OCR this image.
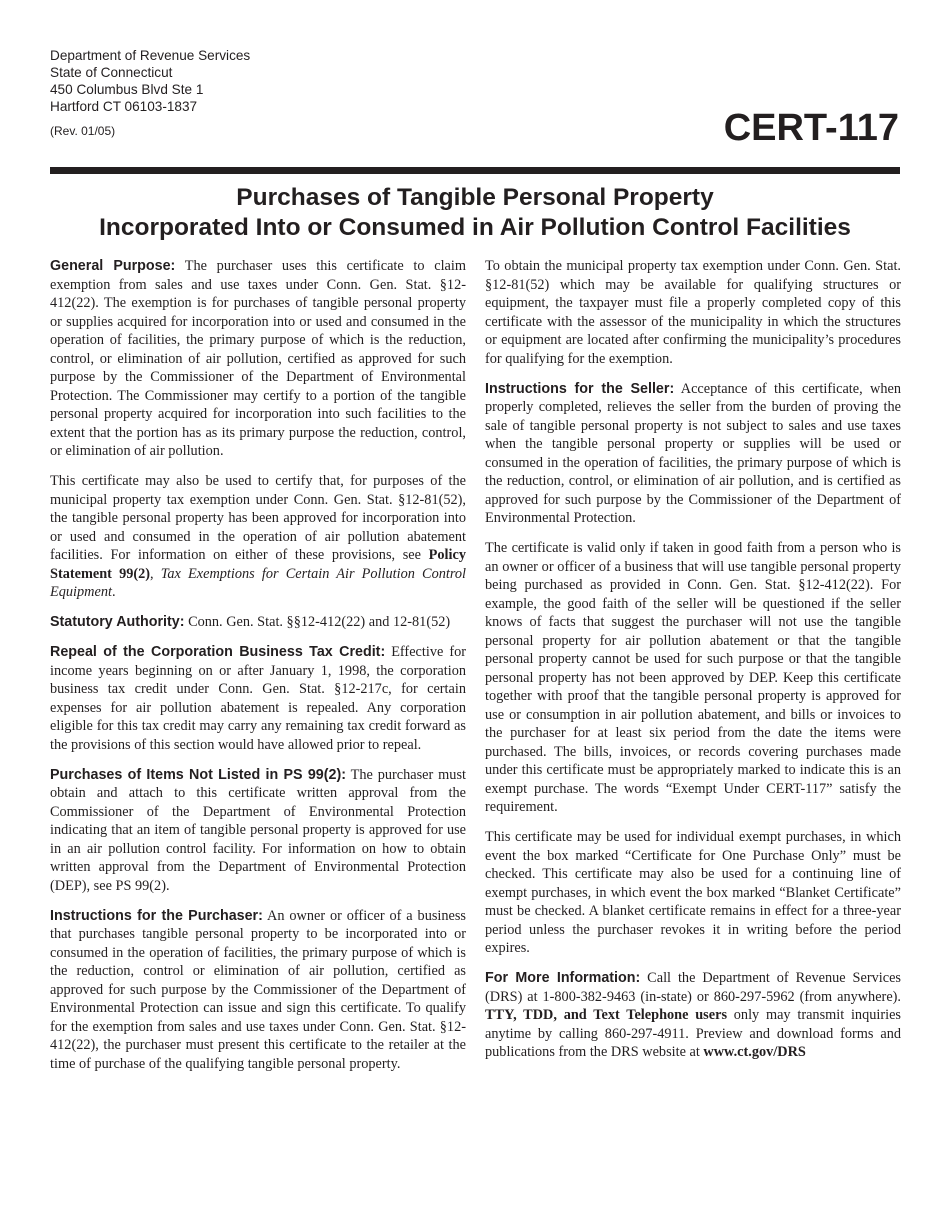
Department of Revenue Services
State of Connecticut
450 Columbus Blvd Ste 1
Hartford CT 06103-1837
(Rev. 01/05)	CERT-117
Purchases of Tangible Personal Property
Incorporated Into or Consumed in Air Pollution Control Facilities

General Purpose: The purchaser uses this certificate to claim exemption from sales and use taxes under Conn. Gen. Stat. §12-412(22). The exemption is for purchases of tangible personal property or supplies acquired for incorporation into or used and consumed in the operation of facilities, the primary purpose of which is the reduction, control, or elimination of air pollution, certified as approved for such purpose by the Commissioner of the Department of Environmental Protection. The Commissioner may certify to a portion of the tangible personal property acquired for incorporation into such facilities to the extent that the portion has as its primary purpose the reduction, control, or elimination of air pollution.

This certificate may also be used to certify that, for purposes of the municipal property tax exemption under Conn. Gen. Stat. §12-81(52), the tangible personal property has been approved for incorporation into or used and consumed in the operation of air pollution abatement facilities. For information on either of these provisions, see Policy Statement 99(2), Tax Exemptions for Certain Air Pollution Control Equipment.

Statutory Authority: Conn. Gen. Stat. §§12-412(22) and 12-81(52)

Repeal of the Corporation Business Tax Credit: Effective for income years beginning on or after January 1, 1998, the corporation business tax credit under Conn. Gen. Stat. §12-217c, for certain expenses for air pollution abatement is repealed. Any corporation eligible for this tax credit may carry any remaining tax credit forward as the provisions of this section would have allowed prior to repeal.

Purchases of Items Not Listed in PS 99(2): The purchaser must obtain and attach to this certificate written approval from the Commissioner of the Department of Environmental Protection indicating that an item of tangible personal property is approved for use in an air pollution control facility. For information on how to obtain written approval from the Department of Environmental Protection (DEP), see PS 99(2).

Instructions for the Purchaser: An owner or officer of a business that purchases tangible personal property to be incorporated into or consumed in the operation of facilities, the primary purpose of which is the reduction, control or elimination of air pollution, certified as approved for such purpose by the Commissioner of the Department of Environmental Protection can issue and sign this certificate. To qualify for the exemption from sales and use taxes under Conn. Gen. Stat. §12-412(22), the purchaser must present this certificate to the retailer at the time of purchase of the qualifying tangible personal property.

To obtain the municipal property tax exemption under Conn. Gen. Stat. §12-81(52) which may be available for qualifying structures or equipment, the taxpayer must file a properly completed copy of this certificate with the assessor of the municipality in which the structures or equipment are located after confirming the municipality’s procedures for qualifying for the exemption.

Instructions for the Seller: Acceptance of this certificate, when properly completed, relieves the seller from the burden of proving the sale of tangible personal property is not subject to sales and use taxes when the tangible personal property or supplies will be used or consumed in the operation of facilities, the primary purpose of which is the reduction, control, or elimination of air pollution, and is certified as approved for such purpose by the Commissioner of the Department of Environmental Protection.

The certificate is valid only if taken in good faith from a person who is an owner or officer of a business that will use tangible personal property being purchased as provided in Conn. Gen. Stat. §12-412(22). For example, the good faith of the seller will be questioned if the seller knows of facts that suggest the purchaser will not use the tangible personal property for air pollution abatement or that the tangible personal property cannot be used for such purpose or that the tangible personal property has not been approved by DEP. Keep this certificate together with proof that the tangible personal property is approved for use or consumption in air pollution abatement, and bills or invoices to the purchaser for at least six period from the date the items were purchased. The bills, invoices, or records covering purchases made under this certificate must be appropriately marked to indicate this is an exempt purchase. The words “Exempt Under CERT-117” satisfy the requirement.

This certificate may be used for individual exempt purchases, in which event the box marked “Certificate for One Purchase Only” must be checked. This certificate may also be used for a continuing line of exempt purchases, in which event the box marked “Blanket Certificate” must be checked. A blanket certificate remains in effect for a three-year period unless the purchaser revokes it in writing before the period expires.

For More Information: Call the Department of Revenue Services (DRS) at 1-800-382-9463 (in-state) or 860-297-5962 (from anywhere). TTY, TDD, and Text Telephone users only may transmit inquiries anytime by calling 860-297-4911. Preview and download forms and publications from the DRS website at www.ct.gov/DRS
